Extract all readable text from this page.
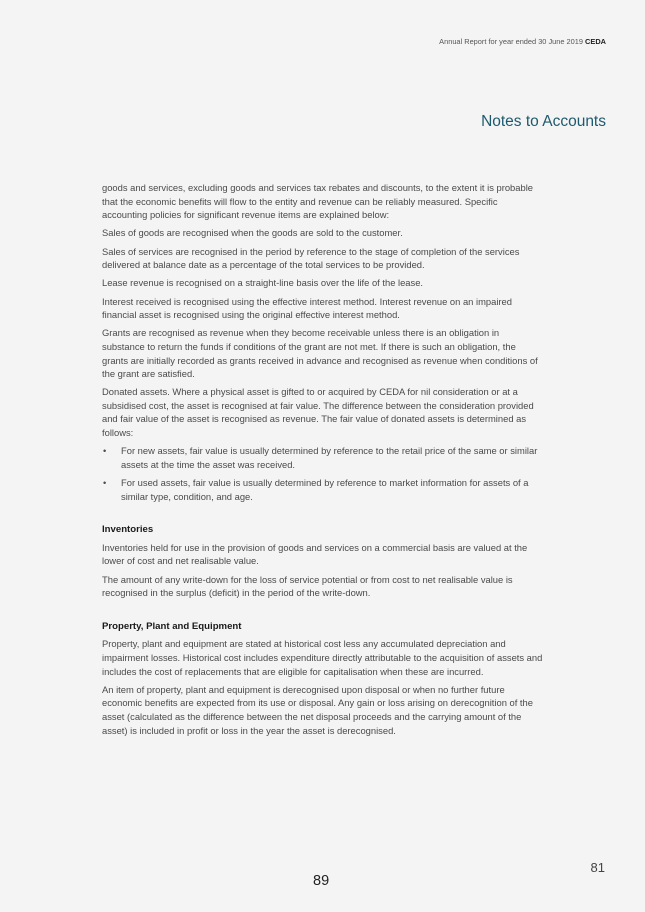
Annual Report for year ended 30 June 2019 CEDA
Notes to Accounts

goods and services, excluding goods and services tax rebates and discounts, to the extent it is probable that the economic benefits will flow to the entity and revenue can be reliably measured. Specific accounting policies for significant revenue items are explained below:

Sales of goods are recognised when the goods are sold to the customer.

Sales of services are recognised in the period by reference to the stage of completion of the services delivered at balance date as a percentage of the total services to be provided.

Lease revenue is recognised on a straight-line basis over the life of the lease.

Interest received is recognised using the effective interest method. Interest revenue on an impaired financial asset is recognised using the original effective interest method.

Grants are recognised as revenue when they become receivable unless there is an obligation in substance to return the funds if conditions of the grant are not met. If there is such an obligation, the grants are initially recorded as grants received in advance and recognised as revenue when conditions of the grant are satisfied.

Donated assets. Where a physical asset is gifted to or acquired by CEDA for nil consideration or at a subsidised cost, the asset is recognised at fair value. The difference between the consideration provided and fair value of the asset is recognised as revenue. The fair value of donated assets is determined as follows:

• For new assets, fair value is usually determined by reference to the retail price of the same or similar assets at the time the asset was received.
• For used assets, fair value is usually determined by reference to market information for assets of a similar type, condition, and age.
Inventories

Inventories held for use in the provision of goods and services on a commercial basis are valued at the lower of cost and net realisable value.

The amount of any write-down for the loss of service potential or from cost to net realisable value is recognised in the surplus (deficit) in the period of the write-down.

Property, Plant and Equipment

Property, plant and equipment are stated at historical cost less any accumulated depreciation and impairment losses. Historical cost includes expenditure directly attributable to the acquisition of assets and includes the cost of replacements that are eligible for capitalisation when these are incurred.

An item of property, plant and equipment is derecognised upon disposal or when no further future economic benefits are expected from its use or disposal. Any gain or loss arising on derecognition of the asset (calculated as the difference between the net disposal proceeds and the carrying amount of the asset) is included in profit or loss in the year the asset is derecognised.

81
89
